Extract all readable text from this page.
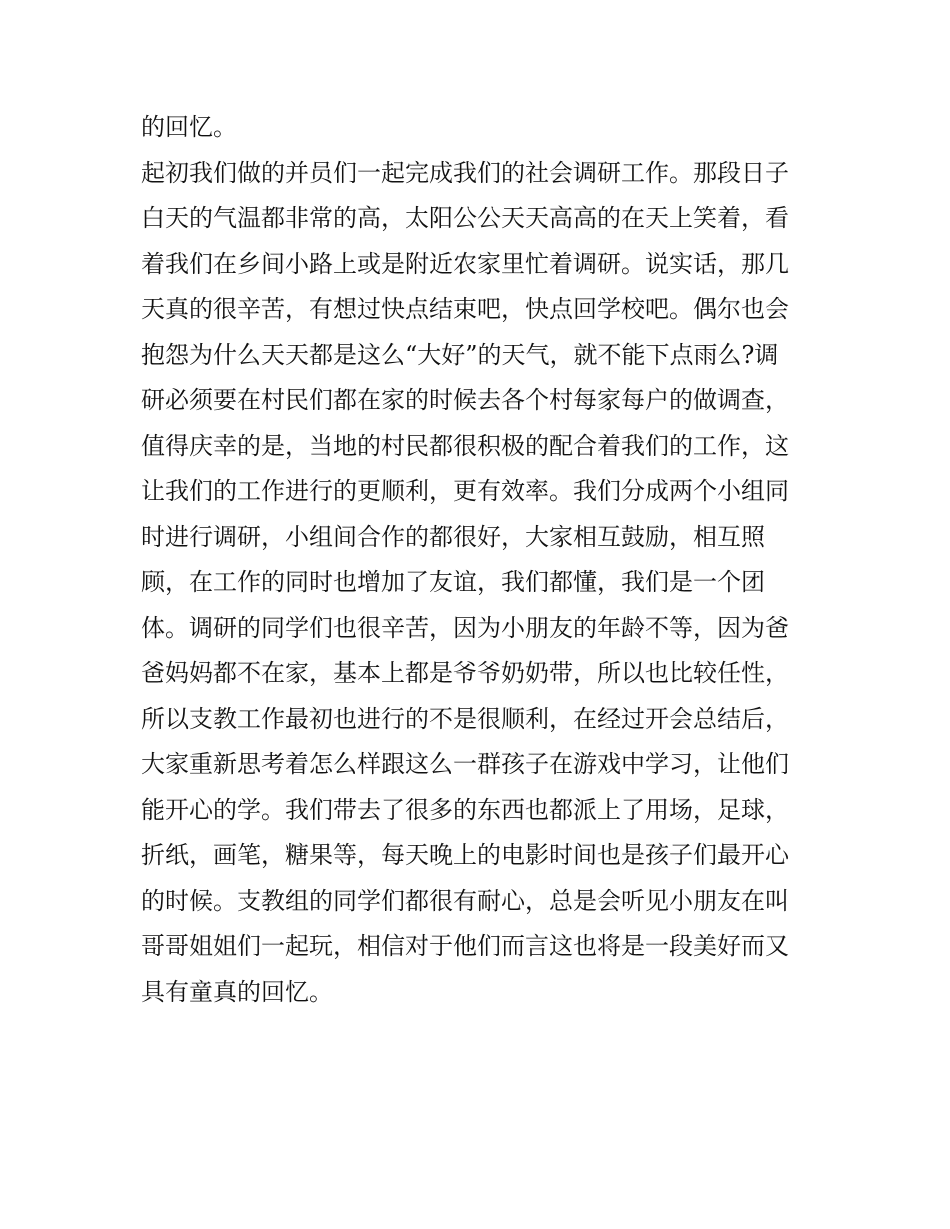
的回忆。
起初我们做的并员们一起完成我们的社会调研工作。那段日子
白天的气温都非常的高，太阳公公天天高高的在天上笑着，看
着我们在乡间小路上或是附近农家里忙着调研。说实话，那几
天真的很辛苦，有想过快点结束吧，快点回学校吧。偶尔也会
抱怨为什么天天都是这么“大好”的天气，就不能下点雨么?调
研必须要在村民们都在家的时候去各个村每家每户的做调查，
值得庆幸的是，当地的村民都很积极的配合着我们的工作，这
让我们的工作进行的更顺利，更有效率。我们分成两个小组同
时进行调研，小组间合作的都很好，大家相互鼓励，相互照
顾，在工作的同时也增加了友谊，我们都懂，我们是一个团
体。调研的同学们也很辛苦，因为小朋友的年龄不等，因为爸
爸妈妈都不在家，基本上都是爷爷奶奶带，所以也比较任性，
所以支教工作最初也进行的不是很顺利，在经过开会总结后，
大家重新思考着怎么样跟这么一群孩子在游戏中学习，让他们
能开心的学。我们带去了很多的东西也都派上了用场，足球，
折纸，画笔，糖果等，每天晚上的电影时间也是孩子们最开心
的时候。支教组的同学们都很有耐心，总是会听见小朋友在叫
哥哥姐姐们一起玩，相信对于他们而言这也将是一段美好而又
具有童真的回忆。
